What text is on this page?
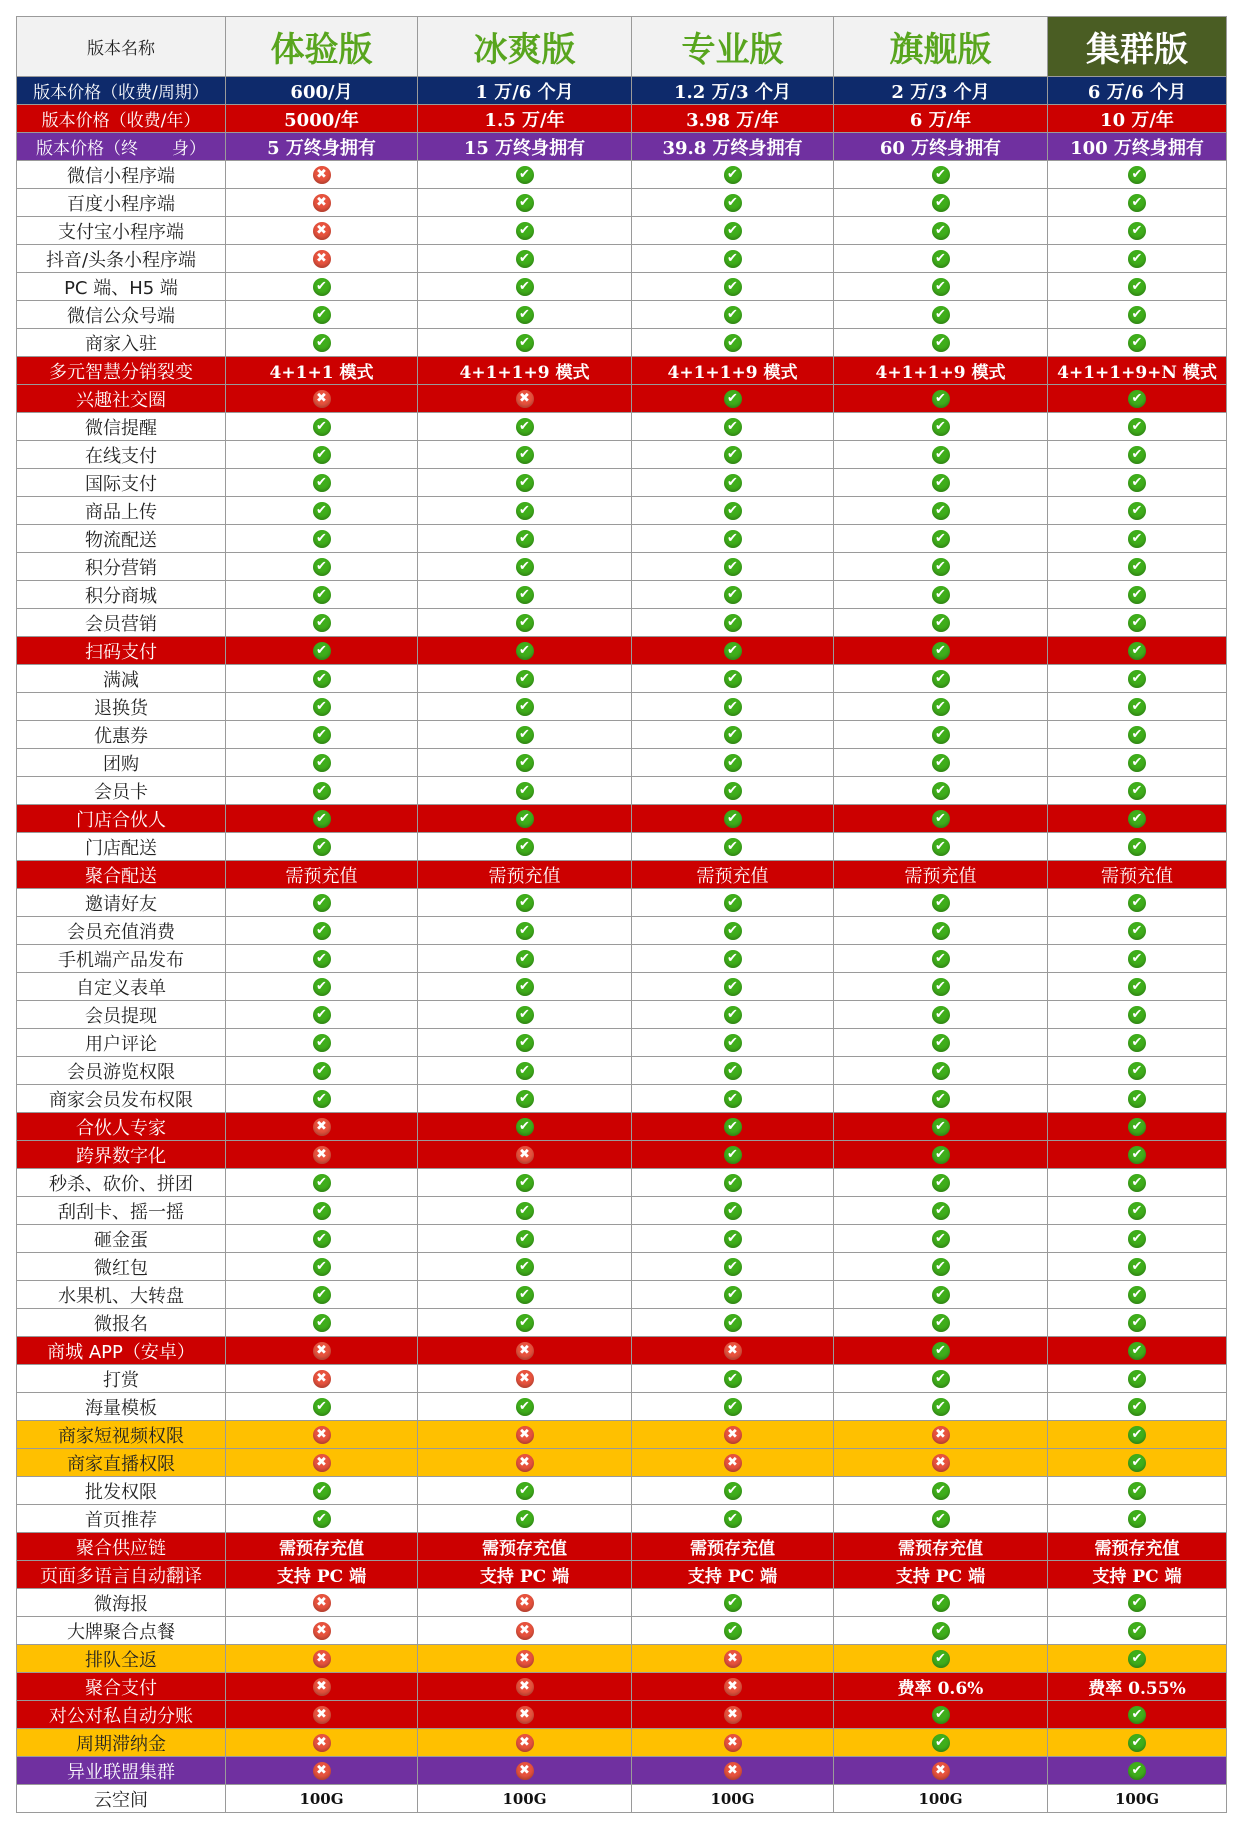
版本名称	体验版	冰爽版	专业版	旗舰版	集群版
版本价格（收费/周期）	600/月	1 万/6 个月	1.2 万/3 个月	2 万/3 个月	6 万/6 个月
版本价格（收费/年）	5000/年	1.5 万/年	3.98 万/年	6 万/年	10 万/年
版本价格（终　　身）	5 万终身拥有	15 万终身拥有	39.8 万终身拥有	60 万终身拥有	100 万终身拥有
微信小程序端	✖	✔	✔	✔	✔
百度小程序端	✖	✔	✔	✔	✔
支付宝小程序端	✖	✔	✔	✔	✔
抖音/头条小程序端	✖	✔	✔	✔	✔
PC 端、H5 端	✔	✔	✔	✔	✔
微信公众号端	✔	✔	✔	✔	✔
商家入驻	✔	✔	✔	✔	✔
多元智慧分销裂变	4+1+1 模式	4+1+1+9 模式	4+1+1+9 模式	4+1+1+9 模式	4+1+1+9+N 模式
兴趣社交圈	✖	✖	✔	✔	✔
微信提醒	✔	✔	✔	✔	✔
在线支付	✔	✔	✔	✔	✔
国际支付	✔	✔	✔	✔	✔
商品上传	✔	✔	✔	✔	✔
物流配送	✔	✔	✔	✔	✔
积分营销	✔	✔	✔	✔	✔
积分商城	✔	✔	✔	✔	✔
会员营销	✔	✔	✔	✔	✔
扫码支付	✔	✔	✔	✔	✔
满减	✔	✔	✔	✔	✔
退换货	✔	✔	✔	✔	✔
优惠券	✔	✔	✔	✔	✔
团购	✔	✔	✔	✔	✔
会员卡	✔	✔	✔	✔	✔
门店合伙人	✔	✔	✔	✔	✔
门店配送	✔	✔	✔	✔	✔
聚合配送	需预充值	需预充值	需预充值	需预充值	需预充值
邀请好友	✔	✔	✔	✔	✔
会员充值消费	✔	✔	✔	✔	✔
手机端产品发布	✔	✔	✔	✔	✔
自定义表单	✔	✔	✔	✔	✔
会员提现	✔	✔	✔	✔	✔
用户评论	✔	✔	✔	✔	✔
会员游览权限	✔	✔	✔	✔	✔
商家会员发布权限	✔	✔	✔	✔	✔
合伙人专家	✖	✔	✔	✔	✔
跨界数字化	✖	✖	✔	✔	✔
秒杀、砍价、拼团	✔	✔	✔	✔	✔
刮刮卡、摇一摇	✔	✔	✔	✔	✔
砸金蛋	✔	✔	✔	✔	✔
微红包	✔	✔	✔	✔	✔
水果机、大转盘	✔	✔	✔	✔	✔
微报名	✔	✔	✔	✔	✔
商城 APP（安卓）	✖	✖	✖	✔	✔
打赏	✖	✖	✔	✔	✔
海量模板	✔	✔	✔	✔	✔
商家短视频权限	✖	✖	✖	✖	✔
商家直播权限	✖	✖	✖	✖	✔
批发权限	✔	✔	✔	✔	✔
首页推荐	✔	✔	✔	✔	✔
聚合供应链	需预存充值	需预存充值	需预存充值	需预存充值	需预存充值
页面多语言自动翻译	支持 PC 端	支持 PC 端	支持 PC 端	支持 PC 端	支持 PC 端
微海报	✖	✖	✔	✔	✔
大牌聚合点餐	✖	✖	✔	✔	✔
排队全返	✖	✖	✖	✔	✔
聚合支付	✖	✖	✖	费率 0.6%	费率 0.55%
对公对私自动分账	✖	✖	✖	✔	✔
周期滞纳金	✖	✖	✖	✔	✔
异业联盟集群	✖	✖	✖	✖	✔
云空间	100G	100G	100G	100G	100G
